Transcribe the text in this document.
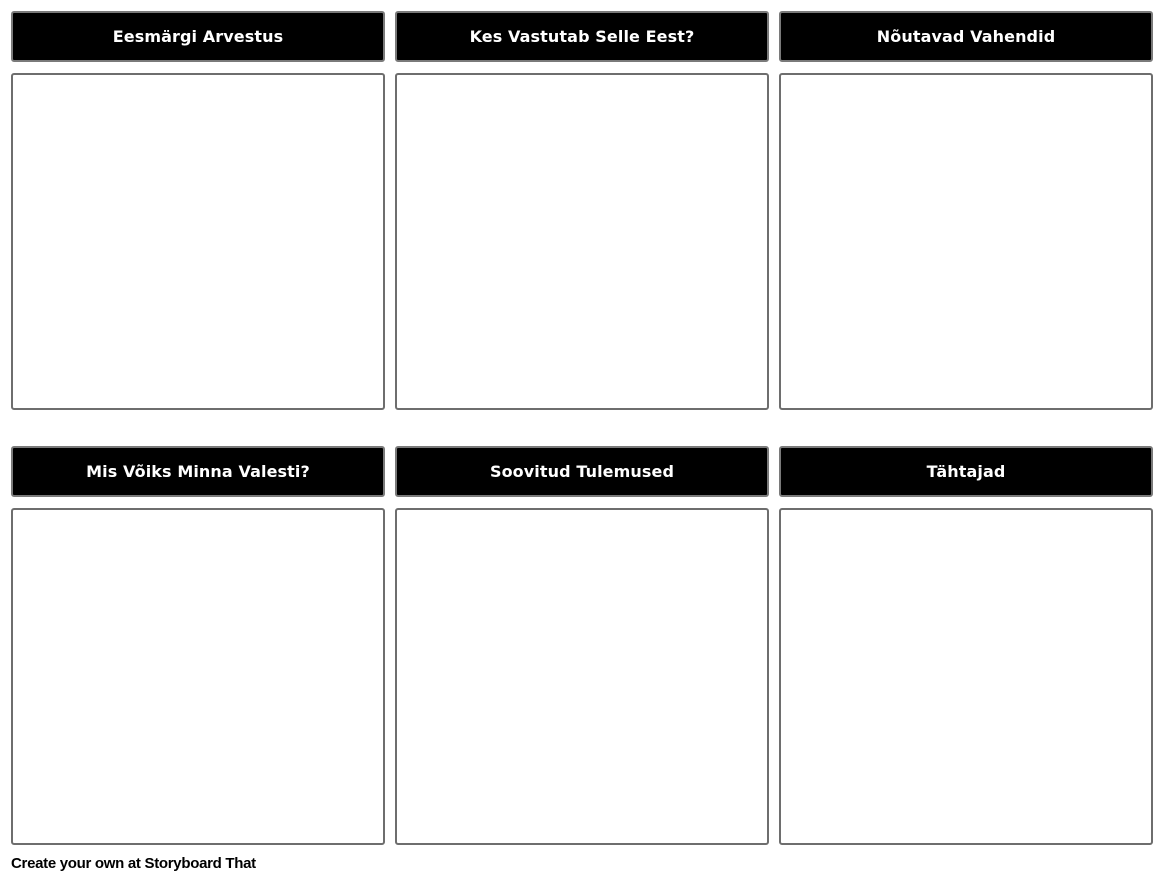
Eesmärgi Arvestus	Kes Vastutab Selle Eest?	Nõutavad Vahendid
Mis Võiks Minna Valesti?	Soovitud Tulemused	Tähtajad
Create your own at Storyboard That
